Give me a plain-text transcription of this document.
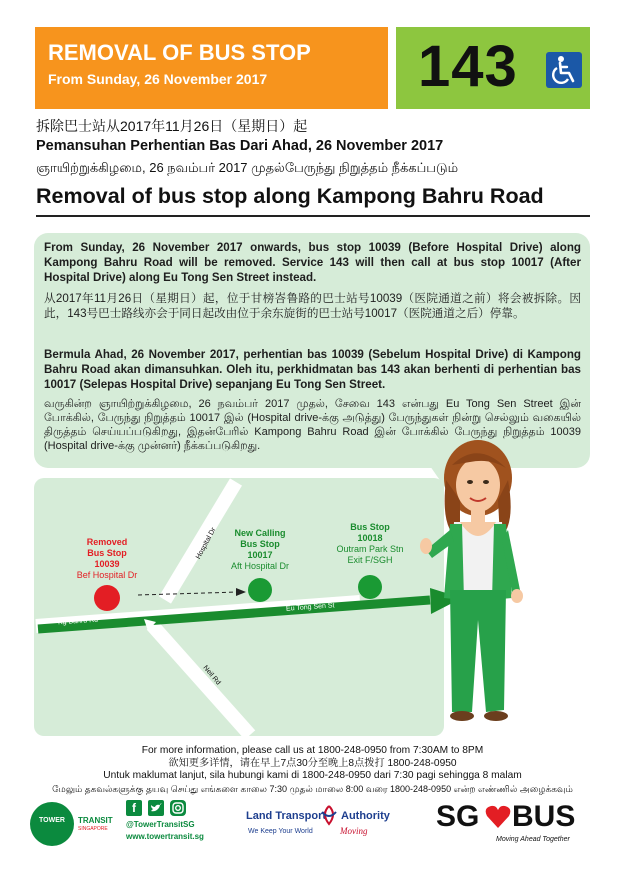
REMOVAL OF BUS STOP
From Sunday, 26 November 2017	143
拆除巴士站从2017年11月26日（星期日）起
Pemansuhan Perhentian Bas Dari Ahad, 26 November 2017
ஞாயிற்றுக்கிழமை, 26 நவம்பர் 2017 முதல்பேருந்து நிறுத்தம் நீக்கப்படும்
Removal of bus stop along Kampong Bahru Road
From Sunday, 26 November 2017 onwards, bus stop 10039 (Before Hospital Drive) along Kampong Bahru Road will be removed. Service 143 will then call at bus stop 10017 (After Hospital Drive) along Eu Tong Sen Street instead.
从2017年11月26日（星期日）起，位于甘榜峇鲁路的巴士站号10039（医院通道之前）将会被拆除。因此，143号巴士路线亦会于同日起改由位于余东旋街的巴士站号10017（医院通道之后）停靠。
Bermula Ahad, 26 November 2017, perhentian bas 10039 (Sebelum Hospital Drive) di Kampong Bahru Road akan dimansuhkan. Oleh itu, perkhidmatan bas 143 akan berhenti di perhentian bas 10017 (Selepas Hospital Drive) sepanjang Eu Tong Sen Street.
வருகின்ற ஞாயிற்றுக்கிழமை, 26 நவம்பர் 2017 முதல், சேவை 143 என்பது Eu Tong Sen Street இன் போக்கில், பேருந்து நிறுத்தம் 10017 இல் (Hospital drive-க்கு அடுத்து) பேருந்துகள் நின்று செல்லும் வகையில் திருத்தம் செய்யப்படுகிறது, இதன்பேரில் Kampong Bahru Road இன் போக்கில் பேருந்து நிறுத்தம் 10039 (Hospital drive-க்கு முன்னர்) நீக்கப்படுகிறது.
Kg Bahru Rd
Eu Tong Sen St
Hospital Dr
Neil Rd
Removed
Bus Stop
10039
Bef Hospital Dr
New Calling
Bus Stop
10017
Aft Hospital Dr
Bus Stop
10018
Outram Park Stn
Exit F/SGH
For more information, please call us at 1800-248-0950 from 7:30AM to 8PM
欲知更多详情，请在早上7点30分至晚上8点拨打 1800-248-0950
Untuk maklumat lanjut, sila hubungi kami di 1800-248-0950 dari 7:30 pagi sehingga 8 malam
மேலும் தகவல்களுக்கு தயவு செய்து எங்களை காலை 7:30 முதல் மாலை 8:00 வரை 1800-248-0950 என்ற எண்ணில் அழைக்கவும்
TOWER	TRANSIT
SINGAPORE
f
@TowerTransitSG
www.towertransit.sg
Land Transport Authority
We Keep Your World	Moving SG BUS
Moving Ahead Together
